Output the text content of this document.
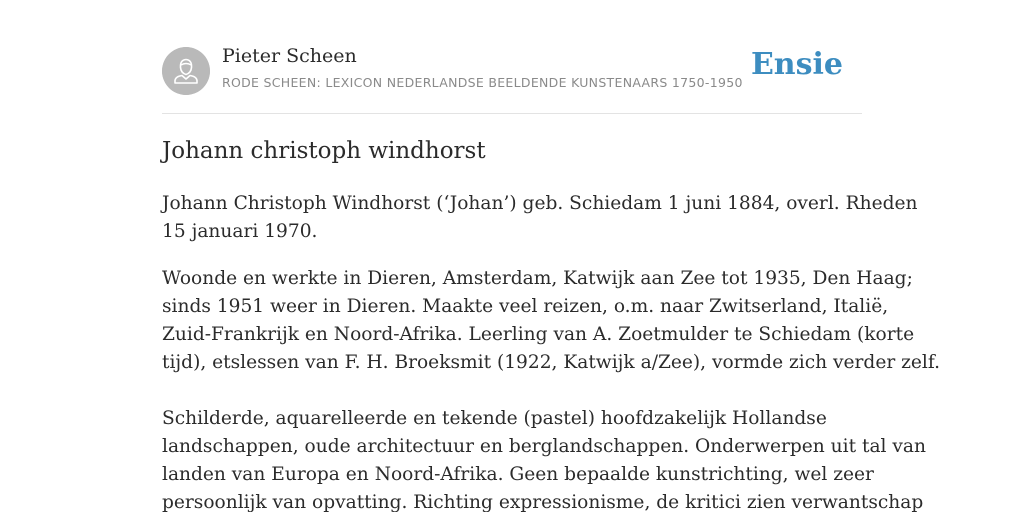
Pieter Scheen
RODE SCHEEN: LEXICON NEDERLANDSE BEELDENDE KUNSTENAARS 1750-1950
Ensie
Johann christoph windhorst

Johann Christoph Windhorst (‘Johan’) geb. Schiedam 1 juni 1884, overl. Rheden
15 januari 1970.

Woonde en werkte in Dieren, Amsterdam, Katwijk aan Zee tot 1935, Den Haag;
sinds 1951 weer in Dieren. Maakte veel reizen, o.m. naar Zwitserland, Italië,
Zuid-Frankrijk en Noord-Afrika. Leerling van A. Zoetmulder te Schiedam (korte
tijd), etslessen van F. H. Broeksmit (1922, Katwijk a/Zee), vormde zich verder zelf.

Schilderde, aquarelleerde en tekende (pastel) hoofdzakelijk Hollandse
landschappen, oude architectuur en berglandschappen. Onderwerpen uit tal van
landen van Europa en Noord-Afrika. Geen bepaalde kunstrichting, wel zeer
persoonlijk van opvatting. Richting expressionisme, de kritici zien verwantschap
